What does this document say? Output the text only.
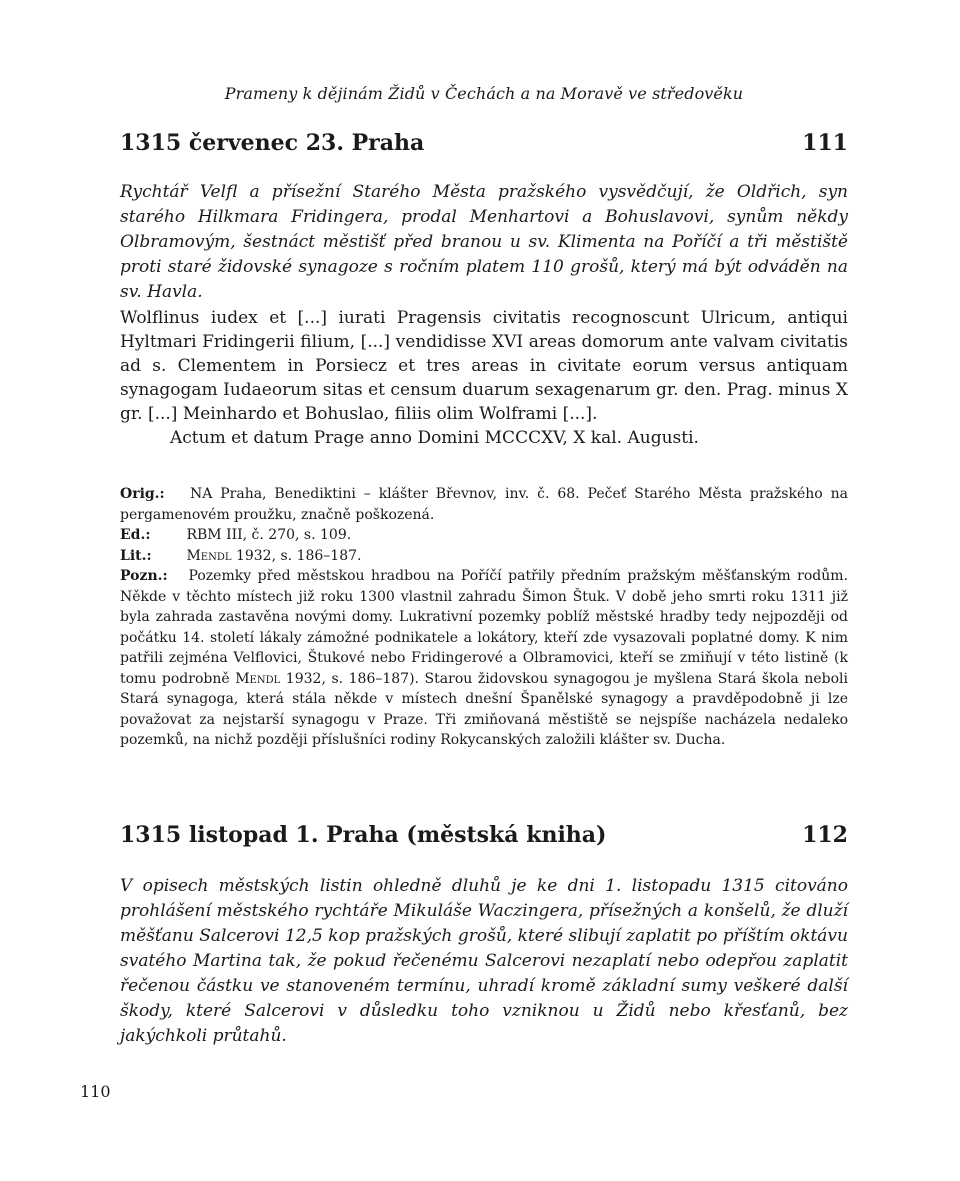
Prameny k dějinám Židů v Čechách a na Moravě ve středověku
1315 červenec 23. Praha	111

Rychtář Velfl a přísežní Starého Města pražského vysvědčují, že Oldřich, syn starého Hilkmara Fridingera, prodal Menhartovi a Bohuslavovi, synům někdy Olbramovým, šestnáct městišť před branou u sv. Klimenta na Poříčí a tři městiště proti staré židovské synagoze s ročním platem 110 grošů, který má být odváděn na sv. Havla.

Wolflinus iudex et [...] iurati Pragensis civitatis recognoscunt Ulricum, antiqui Hyltmari Fridingerii filium, [...] vendidisse XVI areas domorum ante valvam civitatis ad s. Clementem in Porsiecz et tres areas in civitate eorum versus antiquam synagogam Iudaeorum sitas et censum duarum sexagenarum gr. den. Prag. minus X gr. [...] Meinhardo et Bohuslao, filiis olim Wolframi [...].
Actum et datum Prage anno Domini MCCCXV, X kal. Augusti.

Orig.: NA Praha, Benediktini – klášter Břevnov, inv. č. 68. Pečeť Starého Města pražského na pergamenovém proužku, značně poškozená.

Ed.:	RBM III, č. 270, s. 109.

Lit.: Mendl 1932, s. 186–187.

Pozn.: Pozemky před městskou hradbou na Poříčí patřily předním pražským měšťanským rodům. Někde v těchto místech již roku 1300 vlastnil zahradu Šimon Štuk. V době jeho smrti roku 1311 již byla zahrada zastavěna novými domy. Lukrativní pozemky poblíž městské hradby tedy nejpozději od počátku 14. století lákaly zámožné podnikatele a lokátory, kteří zde vysazovali poplatné domy. K nim patřili zejména Velflovici, Štukové nebo Fridingerové a Olbramovici, kteří se zmiňují v této listině (k tomu podrobně Mendl 1932, s. 186–187). Starou židovskou synagogou je myšlena Stará škola neboli Stará synagoga, která stála někde v místech dnešní Španělské synagogy a pravděpodobně ji lze považovat za nejstarší synagogu v Praze. Tři zmiňovaná městiště se nejspíše nacházela nedaleko pozemků, na nichž později příslušníci rodiny Rokycanských založili klášter sv. Ducha.

1315 listopad 1. Praha (městská kniha)	112

V opisech městských listin ohledně dluhů je ke dni 1. listopadu 1315 citováno prohlášení městského rychtáře Mikuláše Waczingera, přísežných a konšelů, že dluží měšťanu Salcerovi 12,5 kop pražských grošů, které slibují zaplatit po příštím oktávu svatého Martina tak, že pokud řečenému Salcerovi nezaplatí nebo odepřou zaplatit řečenou částku ve stanoveném termínu, uhradí kromě základní sumy veškeré další škody, které Salcerovi v důsledku toho vzniknou u Židů nebo křesťanů, bez jakýchkoli průtahů.

110
